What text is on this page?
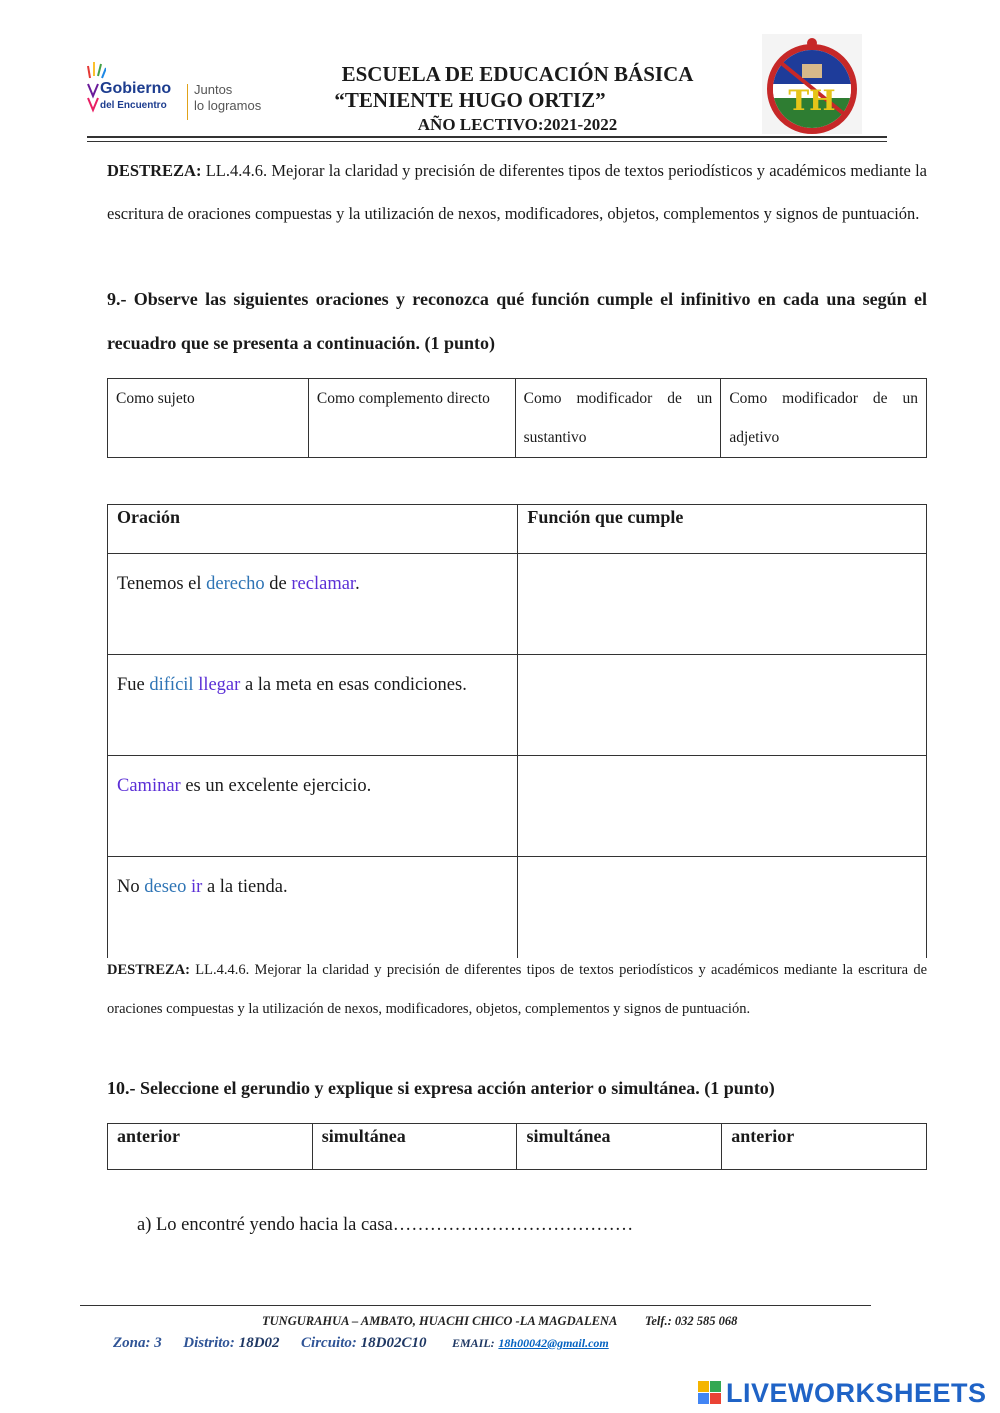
Gobierno
del Encuentro
Juntos
lo logramos
ESCUELA DE EDUCACIÓN BÁSICA
“TENIENTE HUGO ORTIZ”
AÑO LECTIVO:2021-2022
TH
DESTREZA: LL.4.4.6. Mejorar la claridad y precisión de diferentes tipos de textos periodísticos y académicos mediante la escritura de oraciones compuestas y la utilización de nexos, modificadores, objetos, complementos y signos de puntuación.
9.- Observe las siguientes oraciones y reconozca qué función cumple el infinitivo en cada una según el recuadro que se presenta a continuación. (1 punto)
Como sujeto	Como complemento directo	Como modificador de un sustantivo	Como modificador de un adjetivo
Oración	Función que cumple
Tenemos el derecho de reclamar.	
Fue difícil llegar a la meta en esas condiciones.	
Caminar es un excelente ejercicio.	
No deseo ir a la tienda.	
DESTREZA: LL.4.4.6. Mejorar la claridad y precisión de diferentes tipos de textos periodísticos y académicos mediante la escritura de oraciones compuestas y la utilización de nexos, modificadores, objetos, complementos y signos de puntuación.
10.- Seleccione el gerundio y explique si expresa acción anterior o simultánea. (1 punto)
anterior	simultánea	simultánea	anterior
a) Lo encontré yendo hacia la casa…………………………………
TUNGURAHUA – AMBATO, HUACHI CHICO -LA MAGDALENA Telf.: 032 585 068
Zona: 3 Distrito: 18D02 Circuito: 18D02C10 EMAIL: 18h00042@gmail.com
LIVEWORKSHEETS
